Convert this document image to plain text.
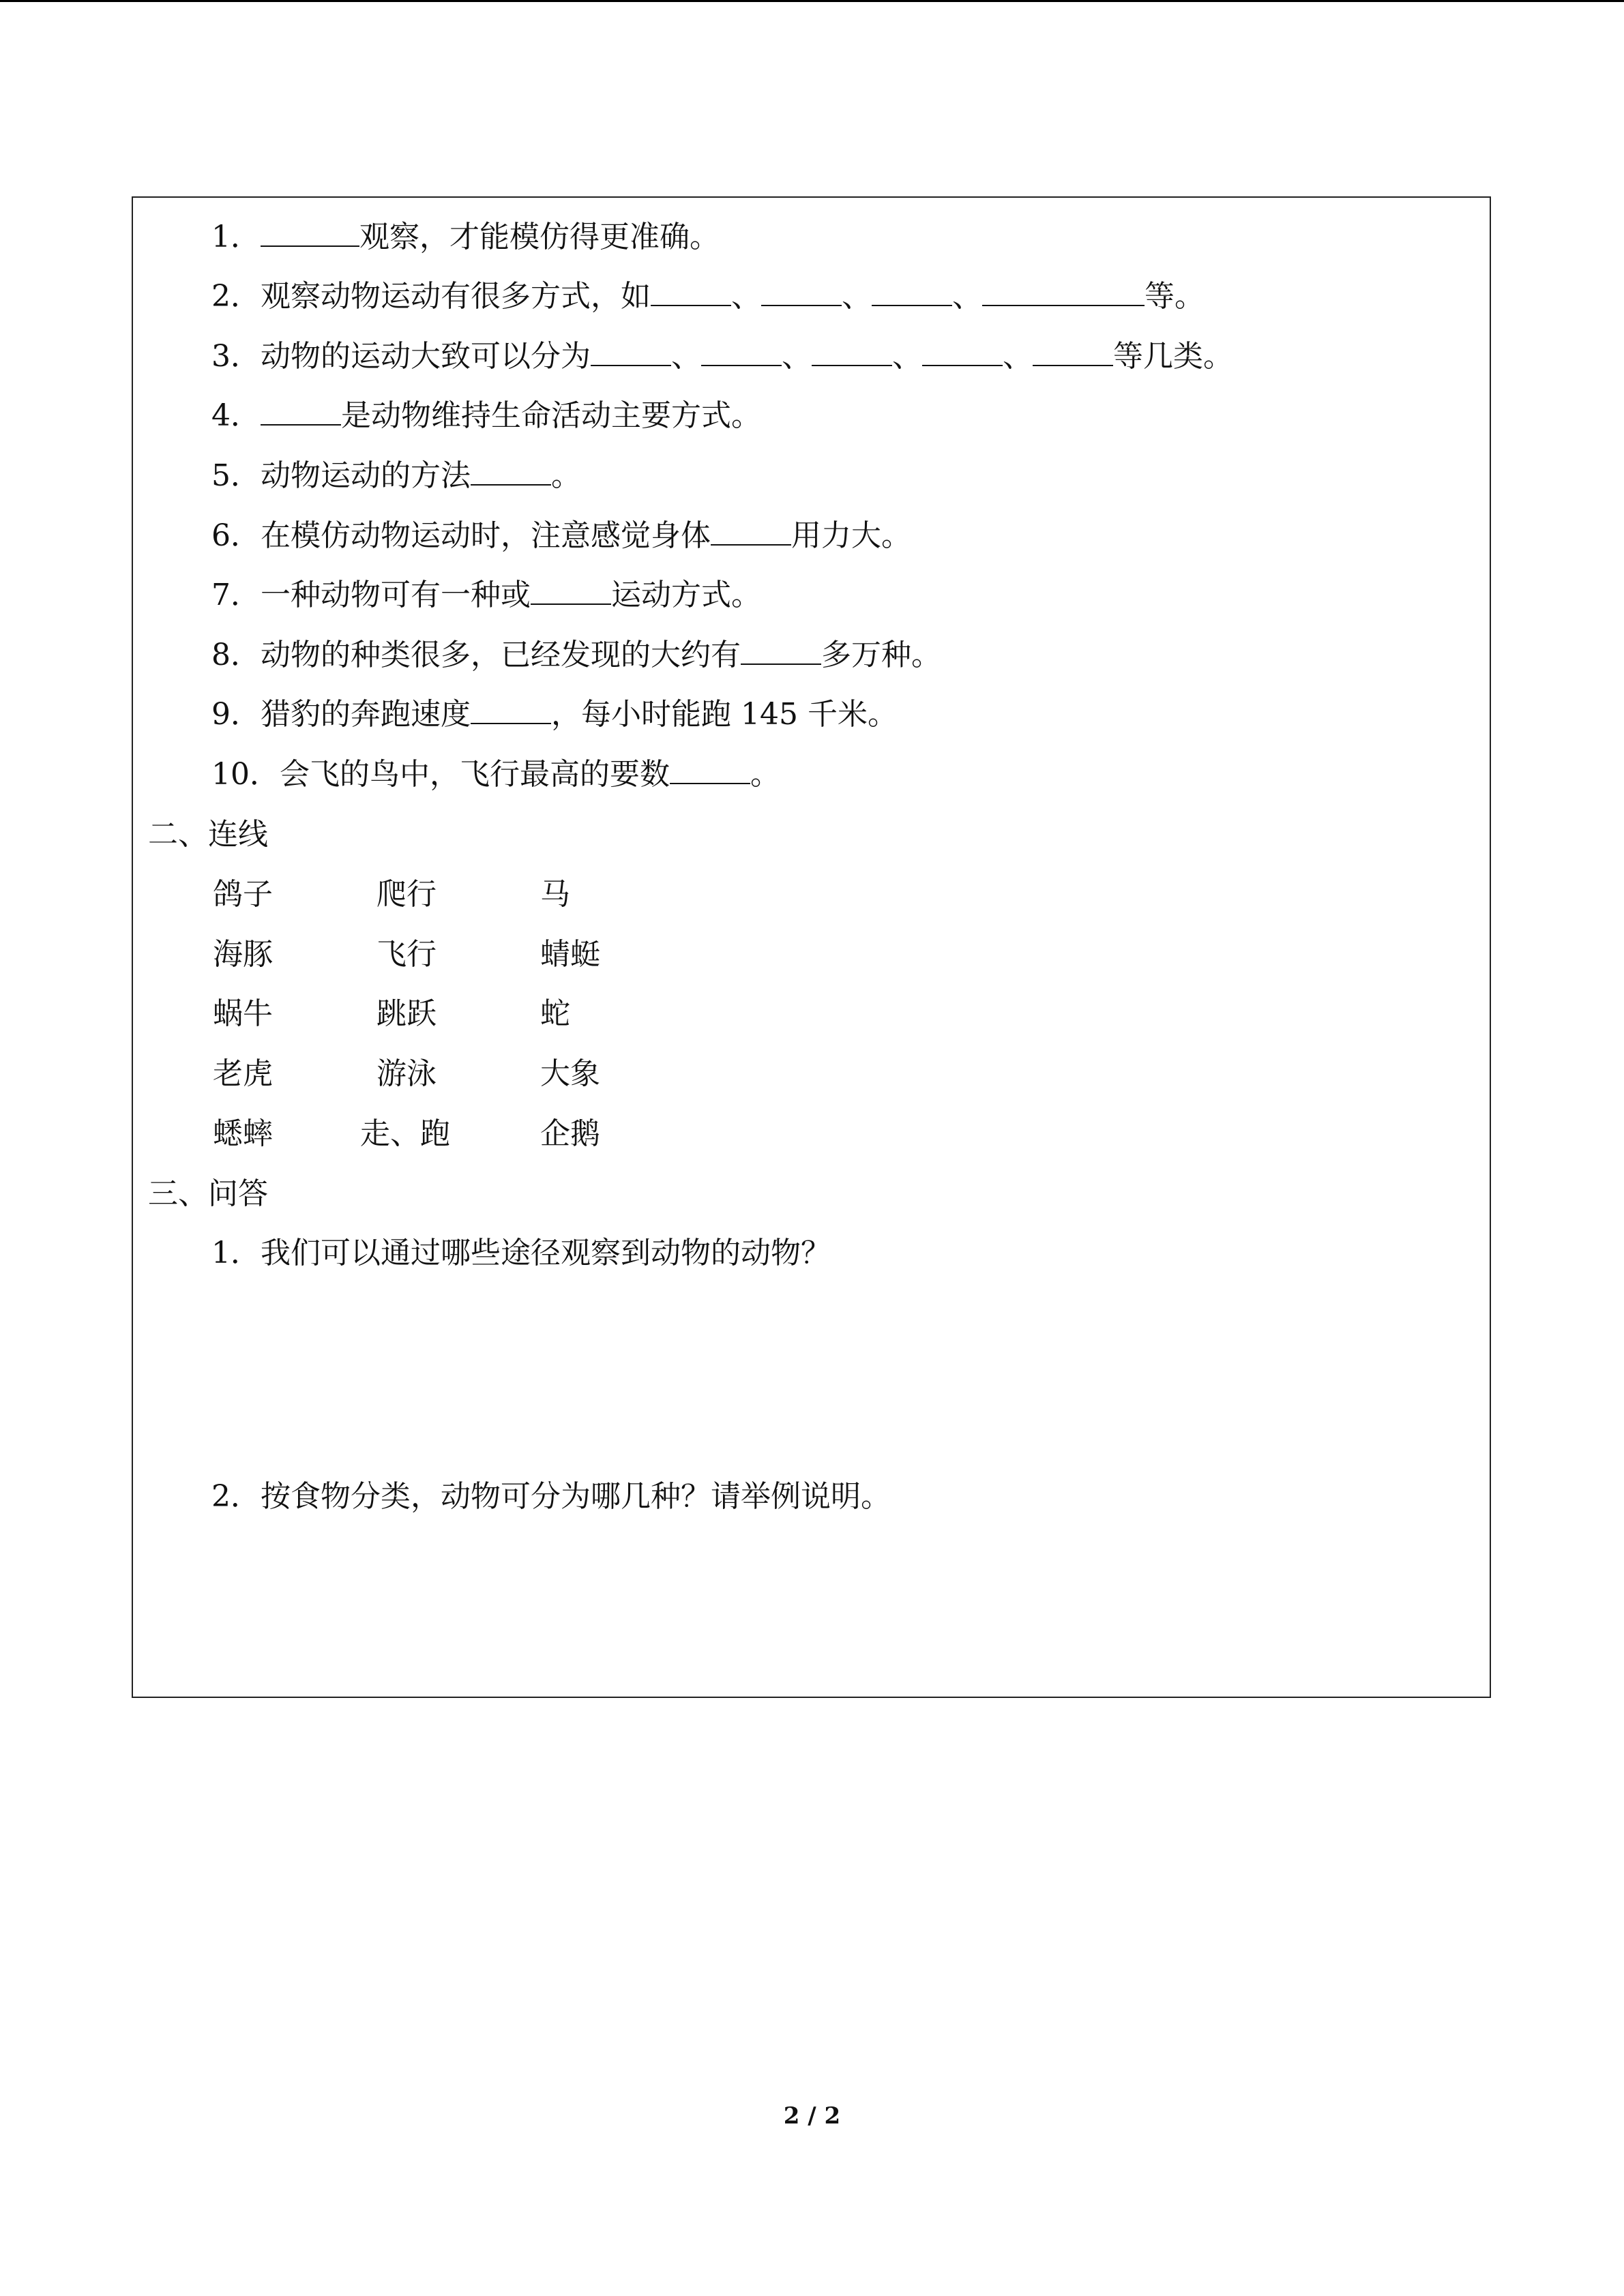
1．	观察，才能模仿得更准确。
2．观察动物运动有很多方式，如	、	、	、	等。
3．动物的运动大致可以分为	、	、	、	、	等几类。
4．	是动物维持生命活动主要方式。
5．动物运动的方法	。
6．在模仿动物运动时，注意感觉身体	用力大。
7．一种动物可有一种或	运动方式。
8．动物的种类很多，已经发现的大约有	多万种。
9．猎豹的奔跑速度	，每小时能跑 145 千米。
10．会飞的鸟中，飞行最高的要数	。
二、连线
鸽子	爬行	马
海豚	飞行	蜻蜓
蜗牛	跳跃	蛇
老虎	游泳	大象
蟋蟀	走、跑	企鹅
三、问答
1．我们可以通过哪些途径观察到动物的动物？
2．按食物分类，动物可分为哪几种？请举例说明。
2 / 2
